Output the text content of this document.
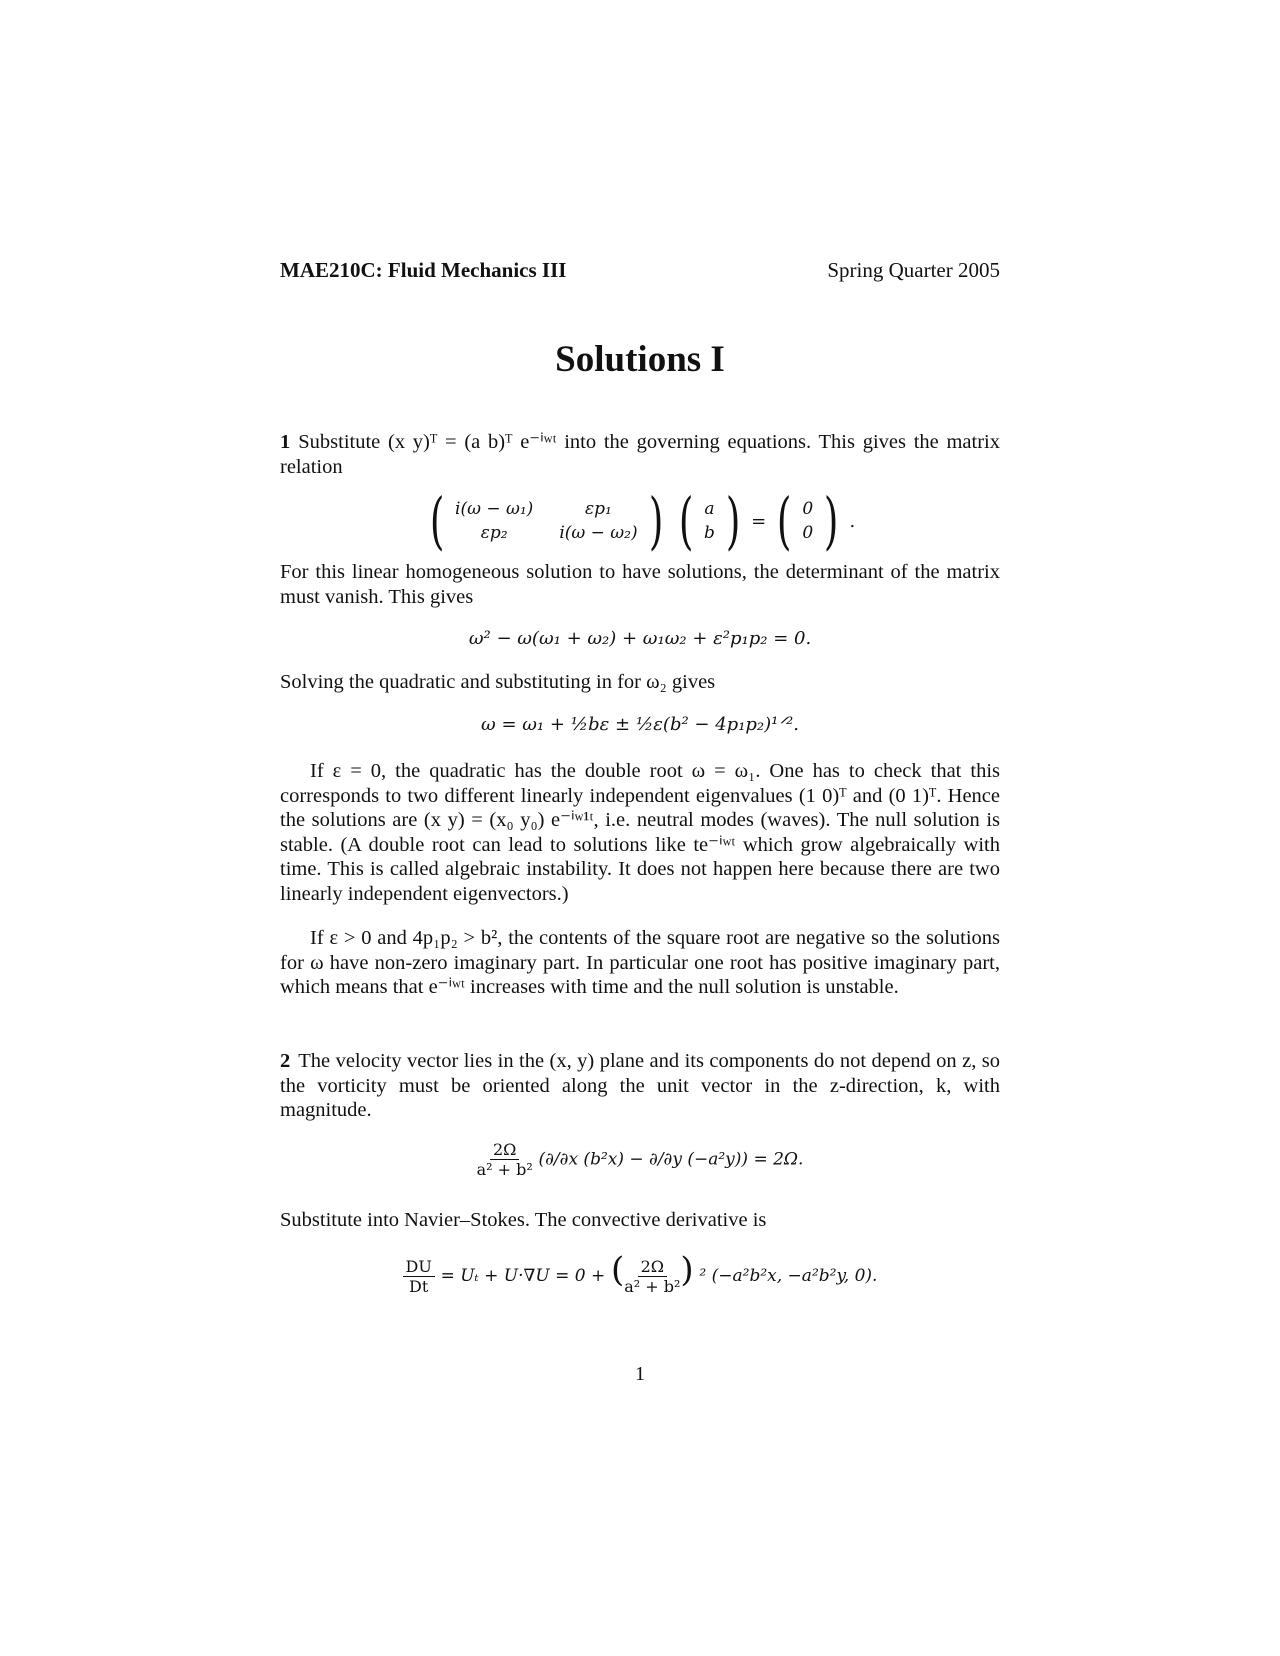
MAE210C: Fluid Mechanics III	Spring Quarter 2005
Solutions I
1 Substitute (x y)ᵀ = (a b)ᵀ e⁻ⁱʷᵗ into the governing equations. This gives the matrix relation
( i(ω − ω₁)	εp₁
εp₂	i(ω − ω₂) ) ( a
b ) = ( 0
0 ) .
For this linear homogeneous solution to have solutions, the determinant of the matrix must vanish. This gives
ω² − ω(ω₁ + ω₂) + ω₁ω₂ + ε²p₁p₂ = 0.
Solving the quadratic and substituting in for ω₂ gives
ω = ω₁ + ½bε ± ½ε(b² − 4p₁p₂)¹ᐟ².
If ε = 0, the quadratic has the double root ω = ω₁. One has to check that this corresponds to two different linearly independent eigenvalues (1 0)ᵀ and (0 1)ᵀ. Hence the solutions are (x y) = (x₀ y₀) e⁻ⁱʷ¹ᵗ, i.e. neutral modes (waves). The null solution is stable. (A double root can lead to solutions like te⁻ⁱʷᵗ which grow algebraically with time. This is called algebraic instability. It does not happen here because there are two linearly independent eigenvectors.)
If ε > 0 and 4p₁p₂ > b², the contents of the square root are negative so the solutions for ω have non-zero imaginary part. In particular one root has positive imaginary part, which means that e⁻ⁱʷᵗ increases with time and the null solution is unstable.
2 The velocity vector lies in the (x, y) plane and its components do not depend on z, so the vorticity must be oriented along the unit vector in the z-direction, k, with magnitude.
$\frac{2\Omega}{\text{a² + b²}} (\partial/\partial x$ (b²x) − ∂/∂y (−a²y)) = 2Ω.
Substitute into Navier–Stokes. The convective derivative is
$\frac{DU}{Dt} = U_t + U\cdot\nabla U = 0$ + ( $\frac{2\Omega}{\text{a² + b²}}$ ) ² (−a²b²x, −a²b²y, 0).
1
